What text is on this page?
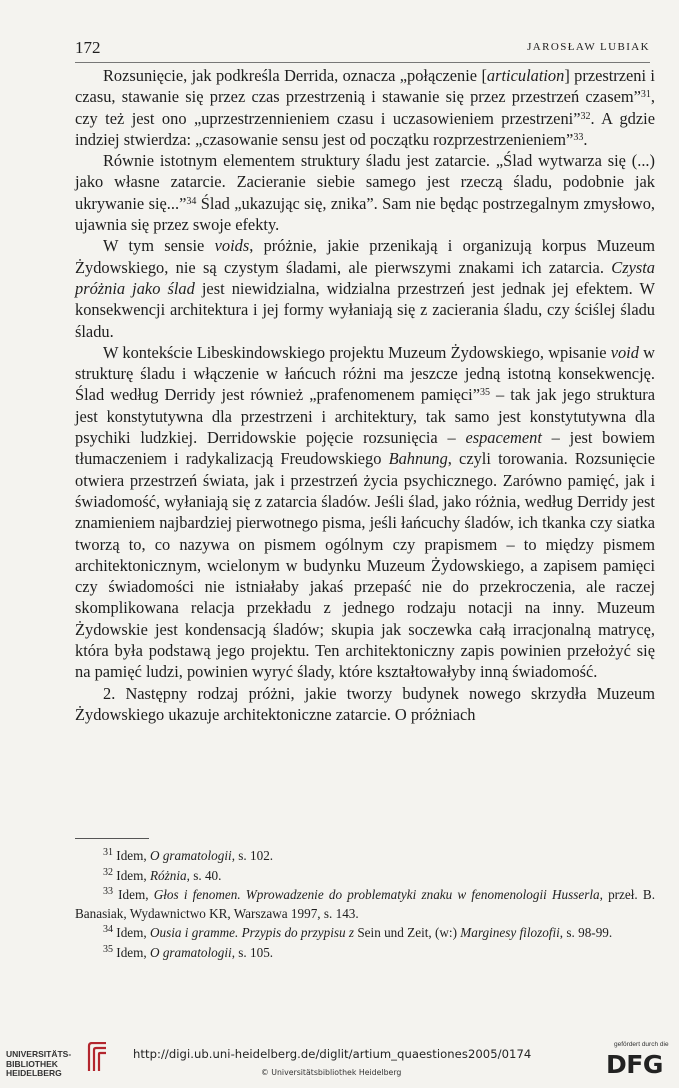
172	JAROSŁAW LUBIAK

Rozsunięcie, jak podkreśla Derrida, oznacza „połączenie [articulation] przestrzeni i czasu, stawanie się przez czas przestrzenią i stawanie się przez przestrzeń czasem”$^{31}$, czy też jest ono „uprzestrzennieniem czasu i uczasowieniem przestrzeni”$^{32}$. A gdzie indziej stwierdza: „czasowanie sensu jest od początku rozprzestrzenieniem”$^{33}$.

Równie istotnym elementem struktury śladu jest zatarcie. „Ślad wytwarza się (...) jako własne zatarcie. Zacieranie siebie samego jest rzeczą śladu, podobnie jak ukrywanie się...”$^{34}$ Ślad „ukazując się, znika”. Sam nie będąc postrzegalnym zmysłowo, ujawnia się przez swoje efekty.

W tym sensie voids, próżnie, jakie przenikają i organizują korpus Muzeum Żydowskiego, nie są czystym śladami, ale pierwszymi znakami ich zatarcia. Czysta próżnia jako ślad jest niewidzialna, widzialna przestrzeń jest jednak jej efektem. W konsekwencji architektura i jej formy wyłaniają się z zacierania śladu, czy ściślej śladu śladu.

W kontekście Libeskindowskiego projektu Muzeum Żydowskiego, wpisanie void w strukturę śladu i włączenie w łańcuch różni ma jeszcze jedną istotną konsekwencję. Ślad według Derridy jest również „prafenomenem pamięci”$^{35}$ – tak jak jego struktura jest konstytutywna dla przestrzeni i architektury, tak samo jest konstytutywna dla psychiki ludzkiej. Derridowskie pojęcie rozsunięcia – espacement – jest bowiem tłumaczeniem i radykalizacją Freudowskiego Bahnung, czyli torowania. Rozsunięcie otwiera przestrzeń świata, jak i przestrzeń życia psychicznego. Zarówno pamięć, jak i świadomość, wyłaniają się z zatarcia śladów. Jeśli ślad, jako różnia, według Derridy jest znamieniem najbardziej pierwotnego pisma, jeśli łańcuchy śladów, ich tkanka czy siatka tworzą to, co nazywa on pismem ogólnym czy prapismem – to między pismem architektonicznym, wcielonym w budynku Muzeum Żydowskiego, a zapisem pamięci czy świadomości nie istniałaby jakaś przepaść nie do przekroczenia, ale raczej skomplikowana relacja przekładu z jednego rodzaju notacji na inny. Muzeum Żydowskie jest kondensacją śladów; skupia jak soczewka całą irracjonalną matrycę, która była podstawą jego projektu. Ten architektoniczny zapis powinien przełożyć się na pamięć ludzi, powinien wyryć ślady, które kształtowałyby inną świadomość.

2. Następny rodzaj próżni, jakie tworzy budynek nowego skrzydła Muzeum Żydowskiego ukazuje architektoniczne zatarcie. O próżniach

$^{31}$ Idem, O gramatologii, s. 102.

$^{32}$ Idem, Różnia, s. 40.

$^{33}$ Idem, Głos i fenomen. Wprowadzenie do problematyki znaku w fenomenologii Husserla, przeł. B. Banasiak, Wydawnictwo KR, Warszawa 1997, s. 143.

$^{34}$ Idem, Ousia i gramme. Przypis do przypisu z Sein und Zeit, (w:) Marginesy filozofii, s. 98-99.

$^{35}$ Idem, O gramatologii, s. 105.

UNIVERSITÄTS-
BIBLIOTHEK
HEIDELBERG
http://digi.ub.uni-heidelberg.de/diglit/artium_quaestiones2005/0174
© Universitätsbibliothek Heidelberg
gefördert durch die
DFG
